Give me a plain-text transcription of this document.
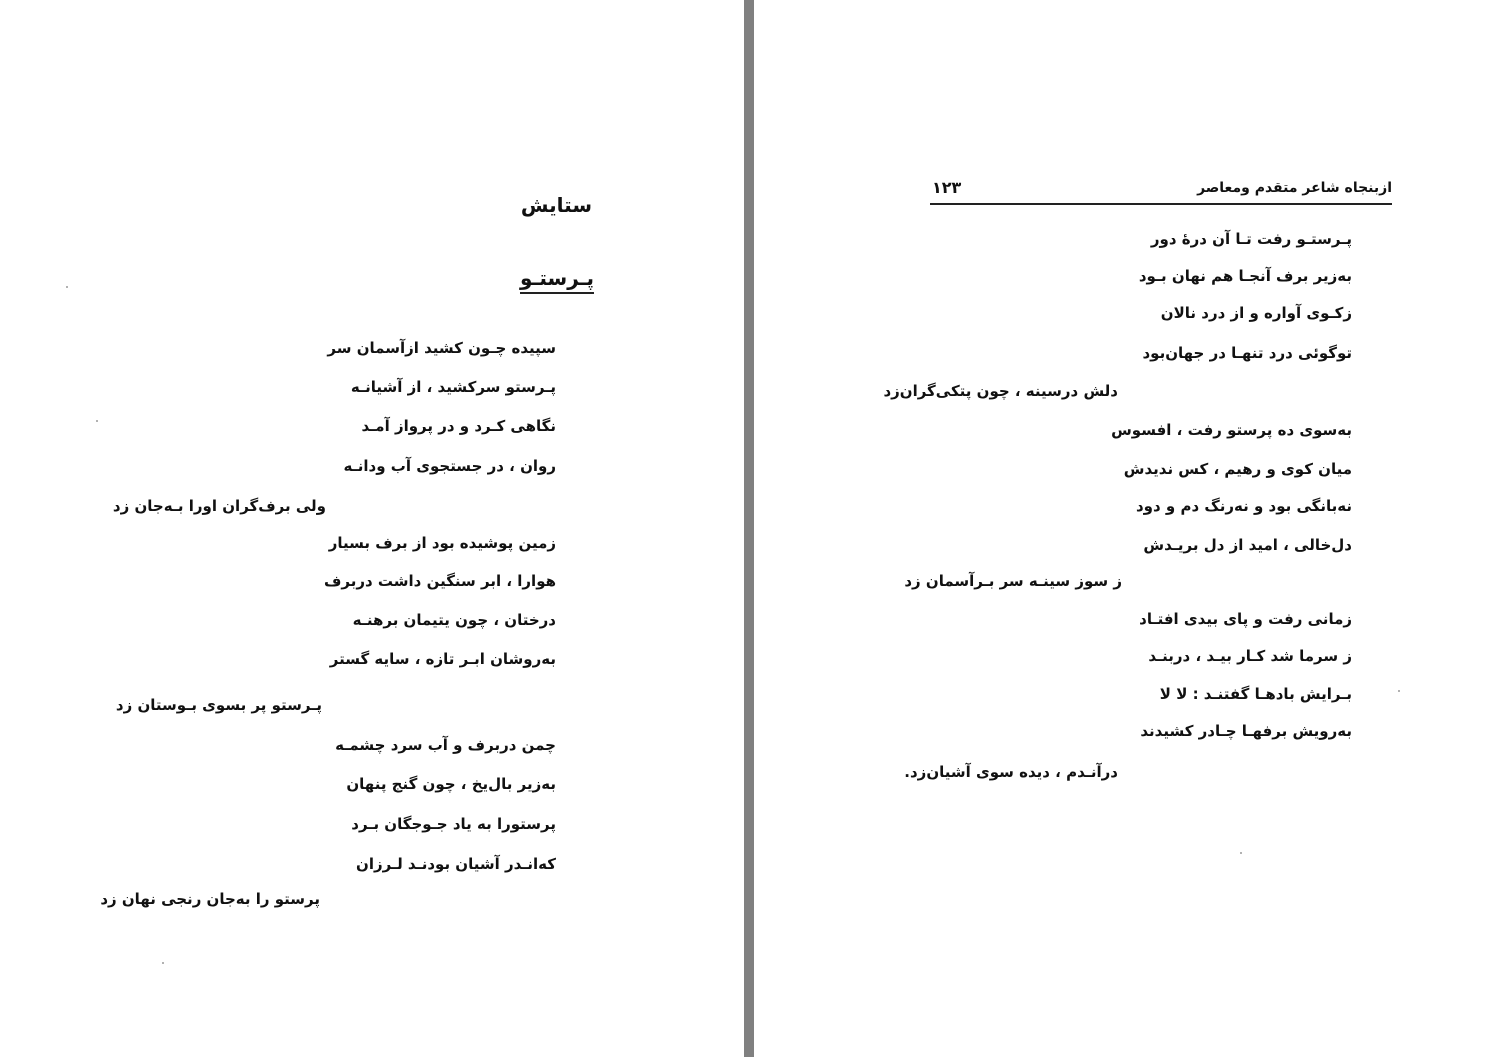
ستایش
پـرستـو
سپیده چـون کشید ازآسمان سر
پـرستو سرکشید ، از آشیانـه
نگاهی کـرد و در پرواز آمـد
روان ، در جستجوی آب ودانـه
ولی برف‌گران اورا بـه‌جان زد
زمین پوشیده بود از برف بسیار
هوارا ، ابر سنگین داشت دربرف
درختان ، چون یتیمان برهنـه
به‌روشان ابـر تازه ، سایه گستر
پـرستو پر بسوی بـوستان زد
چمن دربرف و آب سرد چشمـه
به‌زیر بال‌یخ ، چون گنج پنهان
پرستورا به یاد جـوجگان بـرد
که‌انـدر آشیان بودنـد لـرزان
پرستو را به‌جان رنجی نهان زد
ازبنجاه شاعر متقدم ومعاصر
۱۲۳
پـرستـو رفت تـا آن درهٔ دور
به‌زیر برف آنجـا هم نهان بـود
زکـوی آواره و از درد نالان
توگوئی درد تنهـا در جهان‌بود
دلش درسینه ، چون پتکی‌گران‌زد
به‌سوی ده پرستو رفت ، افسوس
میان کوی و رهیم ، کس ندیدش
نه‌بانگی بود و نه‌رنگ دم و دود
دل‌خالی ، امید از دل بریـدش
ز سوز سینـه سر بـرآسمان زد
زمانی رفت و پای بیدی افتـاد
ز سرما شد کـار بیـد ، دربنـد
بـرایش بادهـا گفتنـد : لا لا
به‌رویش برفهـا چـادر کشیدند
درآنـدم ، دیده سوی آشیان‌زد.
